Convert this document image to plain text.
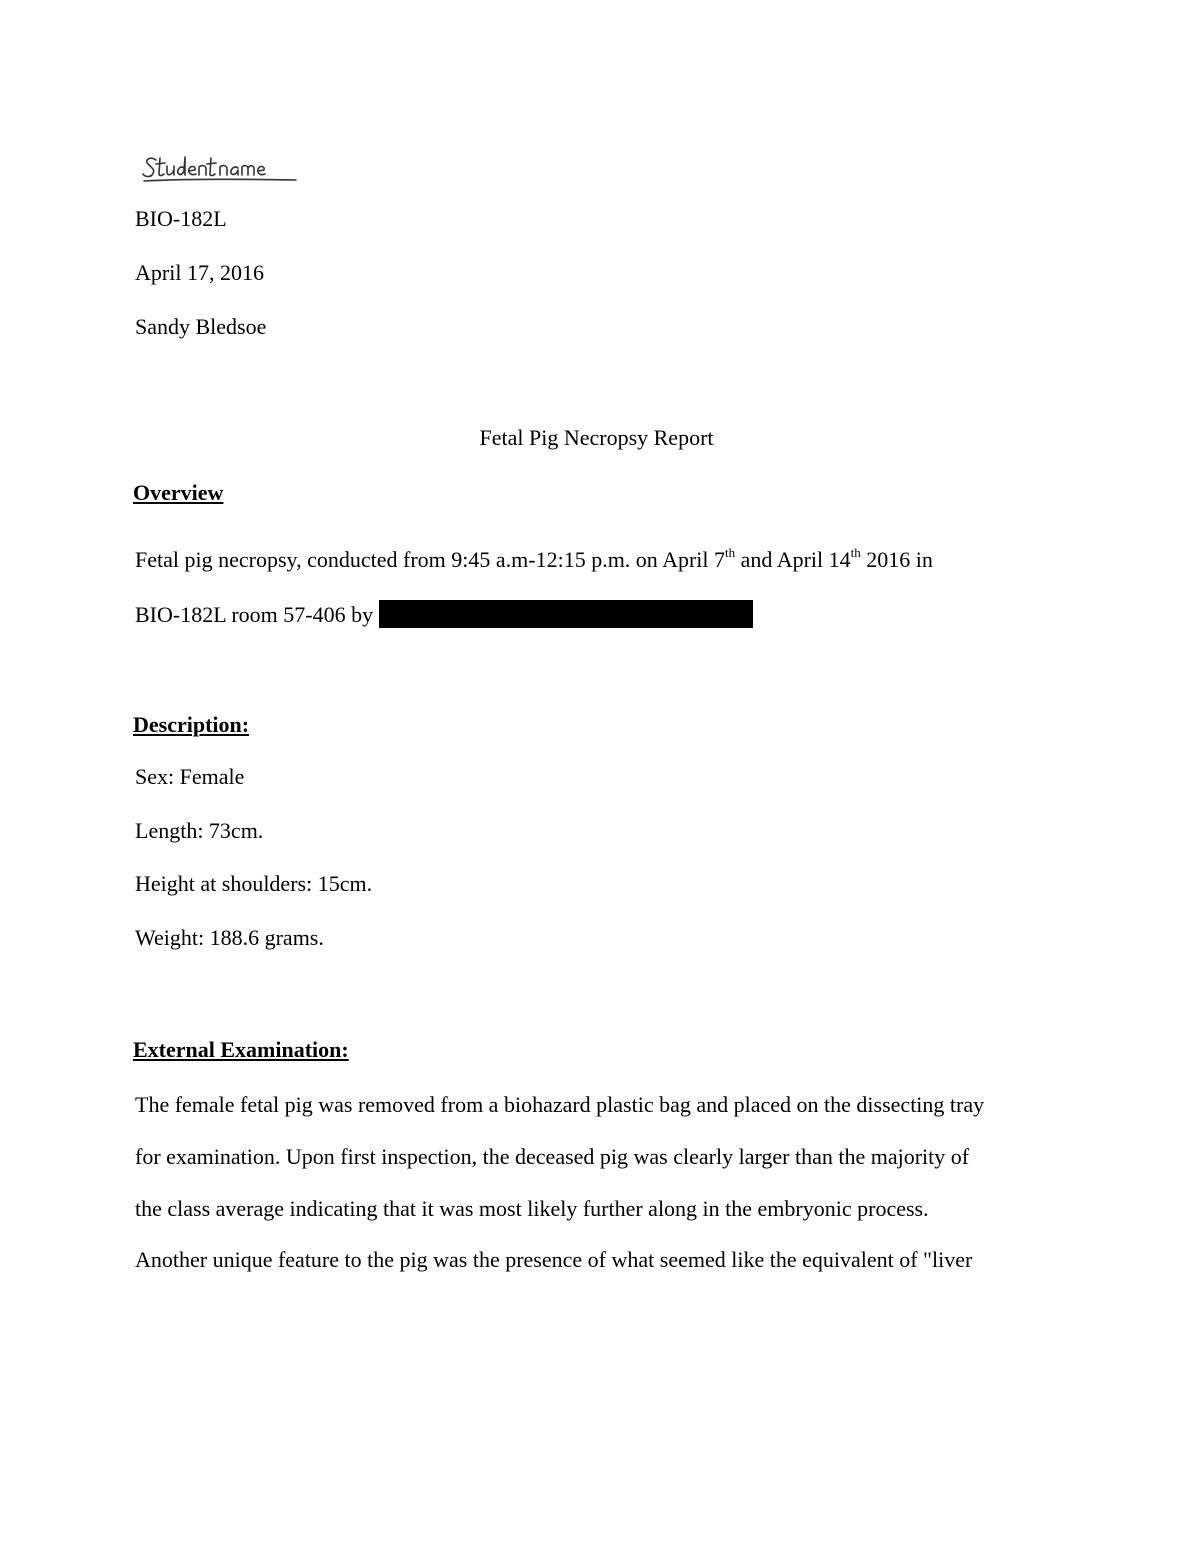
BIO-182L
April 17, 2016
Sandy Bledsoe
Fetal Pig Necropsy Report
Overview
Fetal pig necropsy, conducted from 9:45 a.m-12:15 p.m. on April 7th and April 14th 2016 in
BIO-182L room 57-406 by
Description:
Sex: Female
Length: 73cm.
Height at shoulders: 15cm.
Weight: 188.6 grams.
External Examination:
The female fetal pig was removed from a biohazard plastic bag and placed on the dissecting tray
for examination. Upon first inspection, the deceased pig was clearly larger than the majority of
the class average indicating that it was most likely further along in the embryonic process.
Another unique feature to the pig was the presence of what seemed like the equivalent of "liver
